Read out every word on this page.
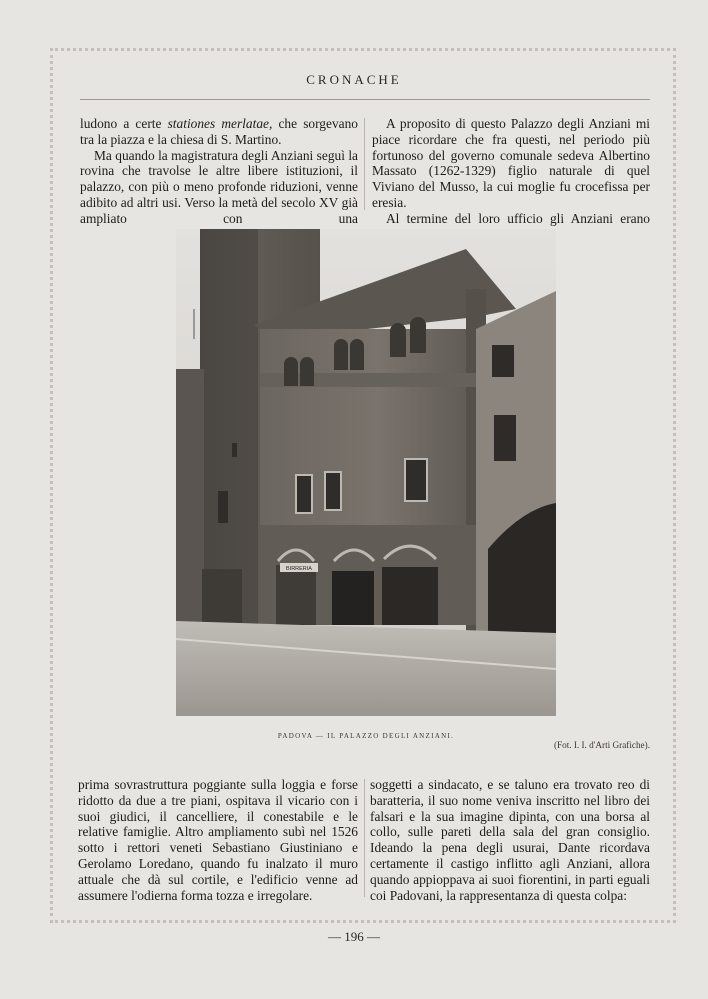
CRONACHE

ludono a certe stationes merlatae, che sorgevano tra la piazza e la chiesa di S. Martino.

Ma quando la magistratura degli Anziani seguì la rovina che travolse le altre libere istituzioni, il palazzo, con più o meno profonde riduzioni, venne adibito ad altri usi. Verso la metà del secolo XV già ampliato con una

A proposito di questo Palazzo degli Anziani mi piace ricordare che fra questi, nel periodo più fortunoso del governo comunale sedeva Albertino Massato (1262-1329) figlio naturale di quel Viviano del Musso, la cui moglie fu crocefissa per eresia.

Al termine del loro ufficio gli Anziani erano

BIRRERIA
PADOVA — IL PALAZZO DEGLI ANZIANI.
(Fot. I. I. d'Arti Grafiche).

prima sovrastruttura poggiante sulla loggia e forse ridotto da due a tre piani, ospitava il vicario con i suoi giudici, il cancelliere, il conestabile e le relative famiglie. Altro ampliamento subì nel 1526 sotto i rettori veneti Sebastiano Giustiniano e Gerolamo Loredano, quando fu inalzato il muro attuale che dà sul cortile, e l'edificio venne ad assumere l'odierna forma tozza e irregolare.

soggetti a sindacato, e se taluno era trovato reo di baratteria, il suo nome veniva inscritto nel libro dei falsari e la sua imagine dipinta, con una borsa al collo, sulle pareti della sala del gran consiglio. Ideando la pena degli usurai, Dante ricordava certamente il castigo inflitto agli Anziani, allora quando appioppava ai suoi fiorentini, in parti eguali coi Padovani, la rappresentanza di questa colpa:

— 196 —
